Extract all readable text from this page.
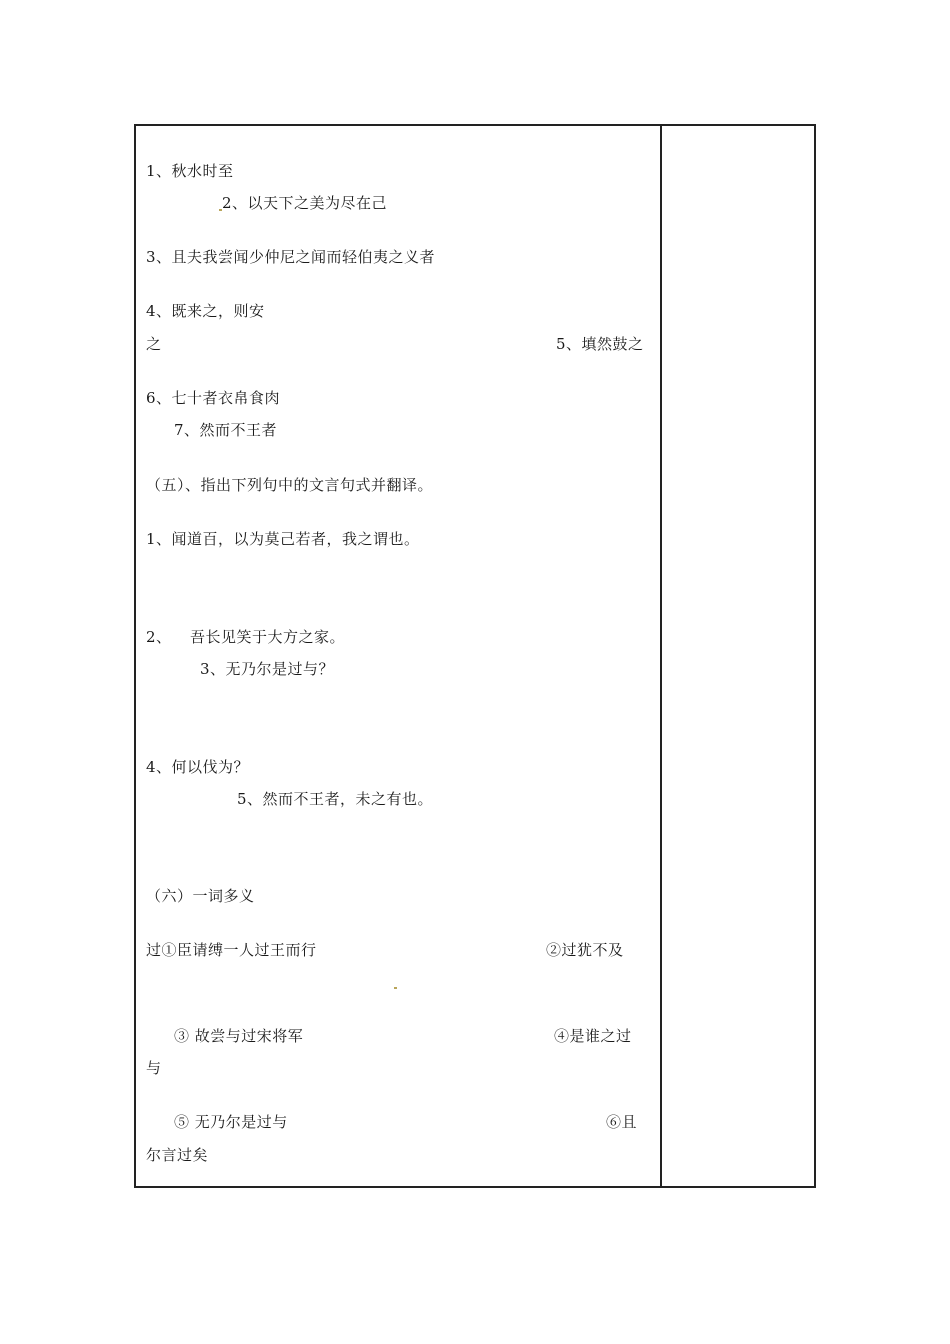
1、秋水时至
2、以天下之美为尽在己
3、且夫我尝闻少仲尼之闻而轻伯夷之义者
4、既来之，则安
之	5、填然鼓之
6、七十者衣帛食肉
7、然而不王者
（五）、指出下列句中的文言句式并翻译。
1、闻道百，以为莫己若者，我之谓也。
2、 吾长见笑于大方之家。
3、无乃尔是过与？
4、何以伐为？
5、然而不王者，未之有也。
（六）一词多义
过①臣请缚一人过王而行	②过犹不及
③ 故尝与过宋将军	④是谁之过
与
⑤ 无乃尔是过与	⑥且
尔言过矣
